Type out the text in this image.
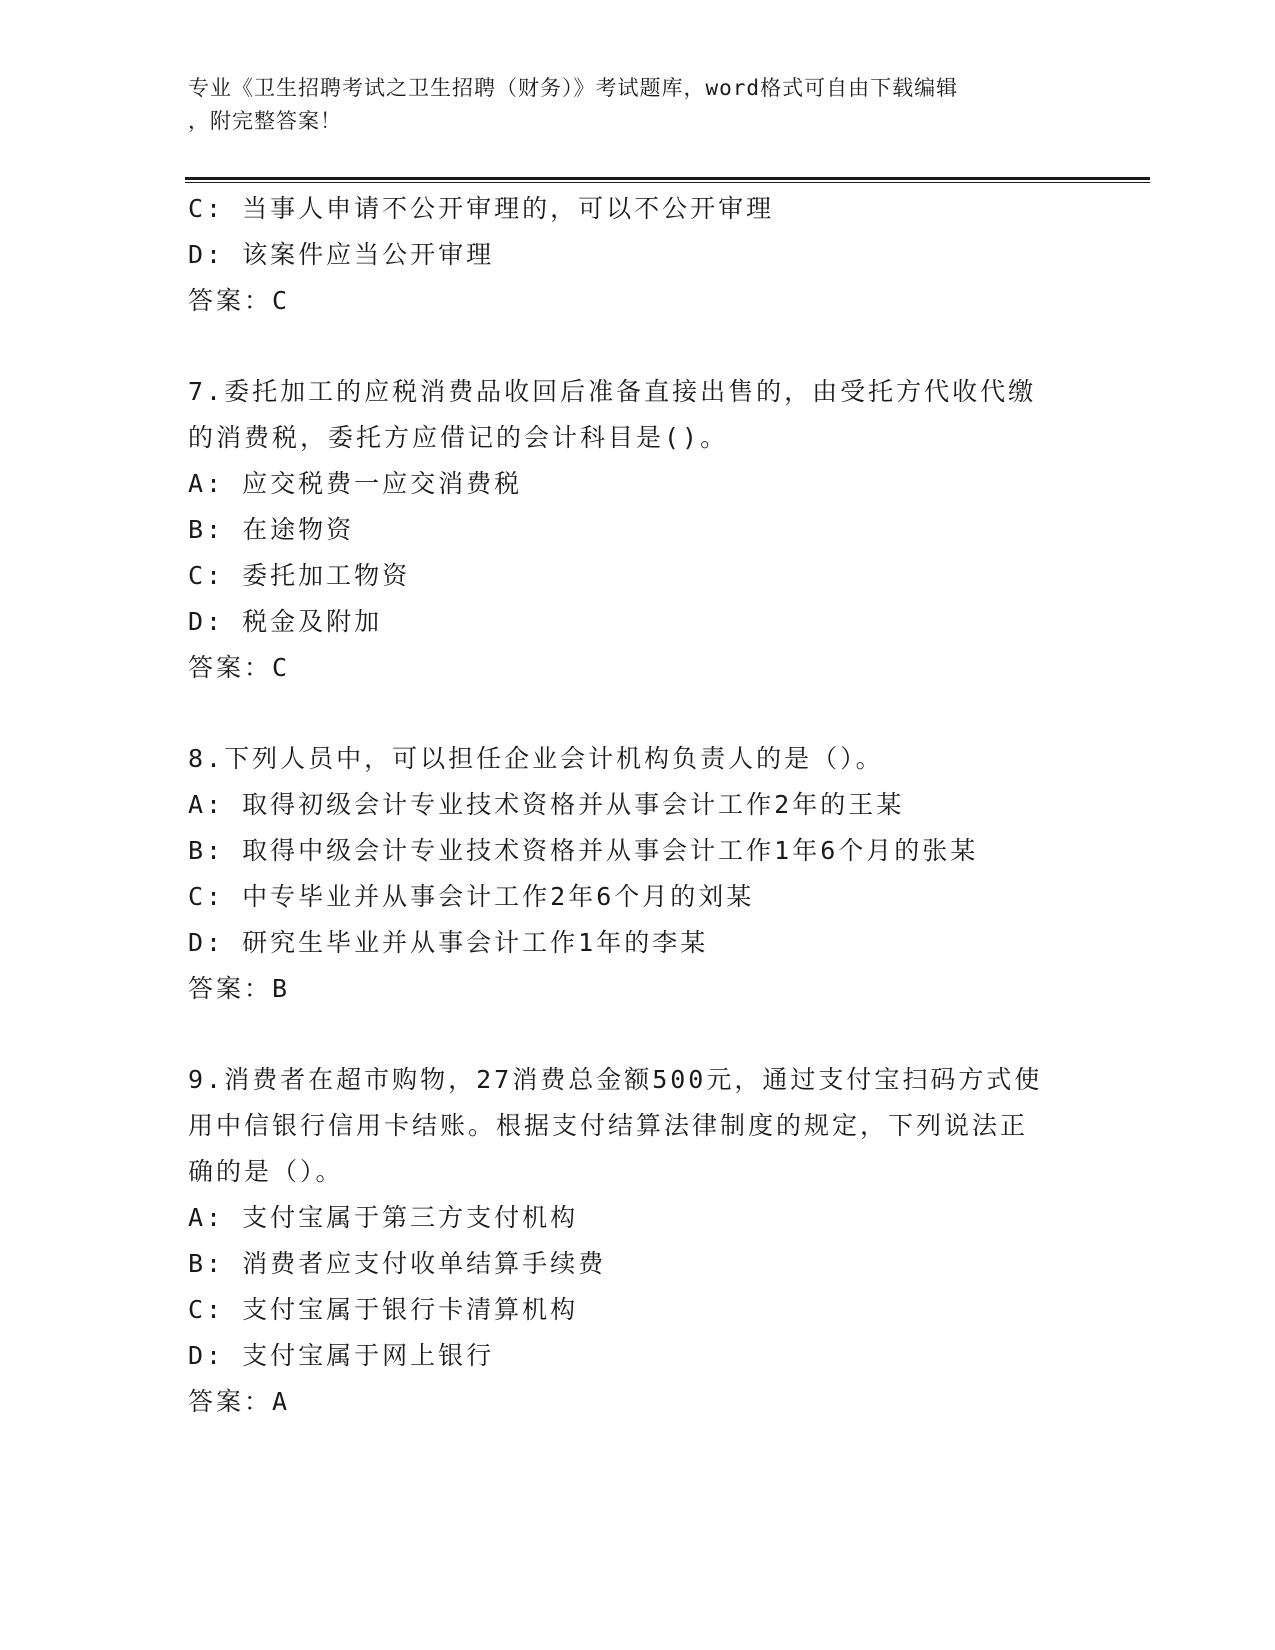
专业《卫生招聘考试之卫生招聘（财务）》考试题库，word格式可自由下载编辑
，附完整答案！
C: 当事人申请不公开审理的，可以不公开审理
D: 该案件应当公开审理
答案：C
7.委托加工的应税消费品收回后准备直接出售的，由受托方代收代缴
的消费税，委托方应借记的会计科目是()。
A: 应交税费一应交消费税
B: 在途物资
C: 委托加工物资
D: 税金及附加
答案：C
8.下列人员中，可以担任企业会计机构负责人的是（）。
A: 取得初级会计专业技术资格并从事会计工作2年的王某
B: 取得中级会计专业技术资格并从事会计工作1年6个月的张某
C: 中专毕业并从事会计工作2年6个月的刘某
D: 研究生毕业并从事会计工作1年的李某
答案：B
9.消费者在超市购物，27消费总金额500元，通过支付宝扫码方式使
用中信银行信用卡结账。根据支付结算法律制度的规定，下列说法正
确的是（）。
A: 支付宝属于第三方支付机构
B: 消费者应支付收单结算手续费
C: 支付宝属于银行卡清算机构
D: 支付宝属于网上银行
答案：A
